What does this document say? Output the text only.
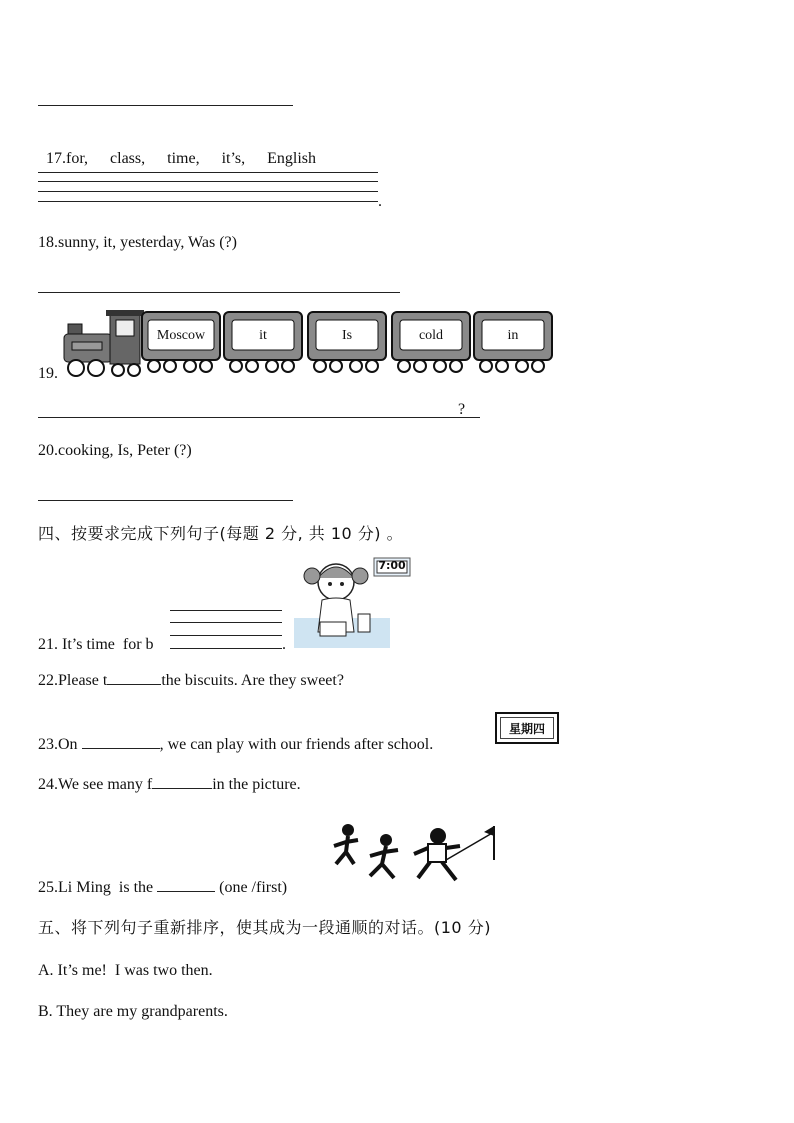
17.for, class, time, it’s, English

.
18.sunny, it, yesterday, Was (?)
19.
Moscow	it	Is	cold	in
?
20.cooking, Is, Peter (?)
四、按要求完成下列句子(每题 2 分, 共 10 分) 。
21. It’s time  for b	.
7:00
22.Please t	the biscuits. Are they sweet?
23.On	, we can play with our friends after school.
星期四
24.We see many f	in the picture.
25.Li Ming  is the	(one /first)
五、将下列句子重新排序，使其成为一段通顺的对话。(10 分)
A. It’s me!  I was two then.
B. They are my grandparents.
